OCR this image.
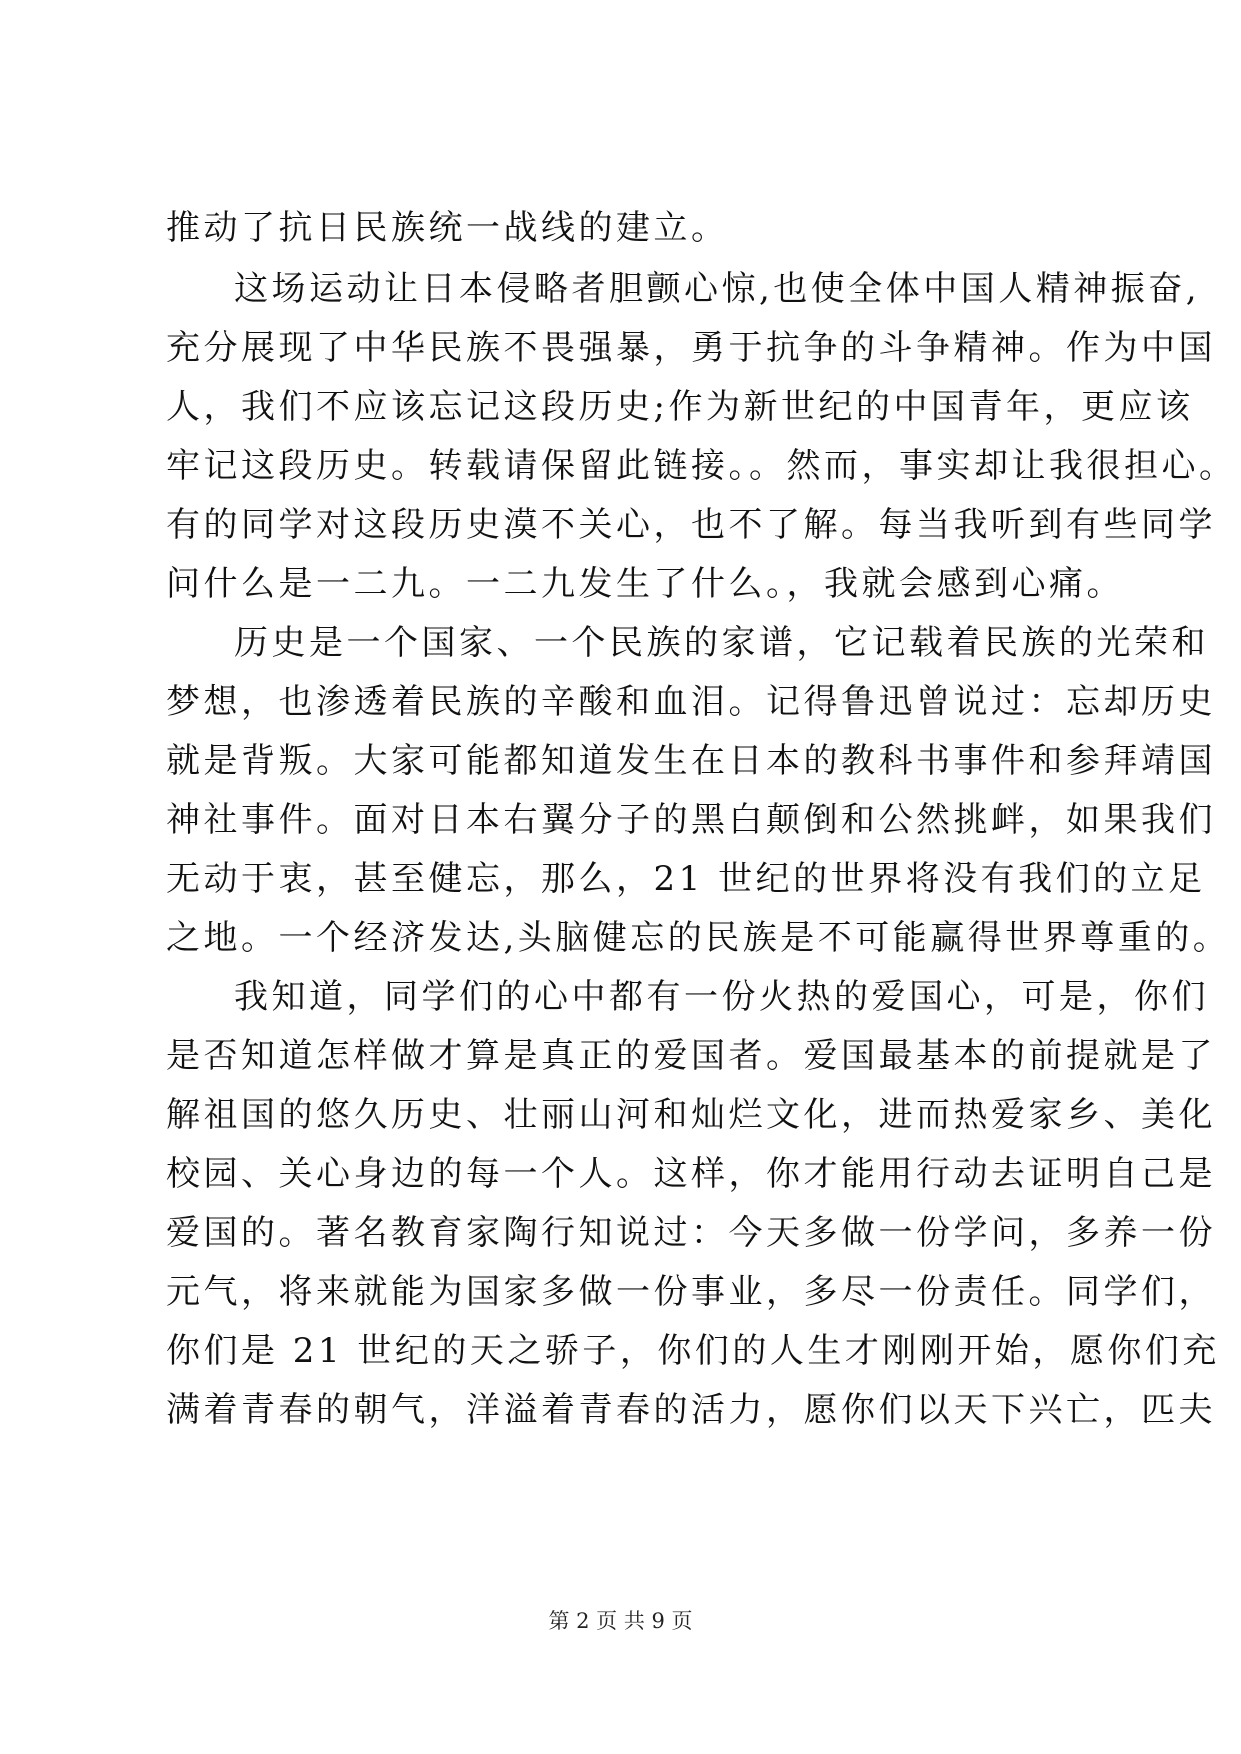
推动了抗日民族统一战线的建立。
这场运动让日本侵略者胆颤心惊,也使全体中国人精神振奋,
充分展现了中华民族不畏强暴，勇于抗争的斗争精神。作为中国
人，我们不应该忘记这段历史;作为新世纪的中国青年，更应该
牢记这段历史。转载请保留此链接。。然而，事实却让我很担心。
有的同学对这段历史漠不关心，也不了解。每当我听到有些同学
问什么是一二九。一二九发生了什么。，我就会感到心痛。
历史是一个国家、一个民族的家谱，它记载着民族的光荣和
梦想，也渗透着民族的辛酸和血泪。记得鲁迅曾说过：忘却历史
就是背叛。大家可能都知道发生在日本的教科书事件和参拜靖国
神社事件。面对日本右翼分子的黑白颠倒和公然挑衅，如果我们
无动于衷，甚至健忘，那么，21 世纪的世界将没有我们的立足
之地。一个经济发达,头脑健忘的民族是不可能赢得世界尊重的。
我知道，同学们的心中都有一份火热的爱国心，可是，你们
是否知道怎样做才算是真正的爱国者。爱国最基本的前提就是了
解祖国的悠久历史、壮丽山河和灿烂文化，进而热爱家乡、美化
校园、关心身边的每一个人。这样，你才能用行动去证明自己是
爱国的。著名教育家陶行知说过：今天多做一份学问，多养一份
元气，将来就能为国家多做一份事业，多尽一份责任。同学们，
你们是 21 世纪的天之骄子，你们的人生才刚刚开始，愿你们充
满着青春的朝气，洋溢着青春的活力，愿你们以天下兴亡，匹夫
第 2 页 共 9 页
